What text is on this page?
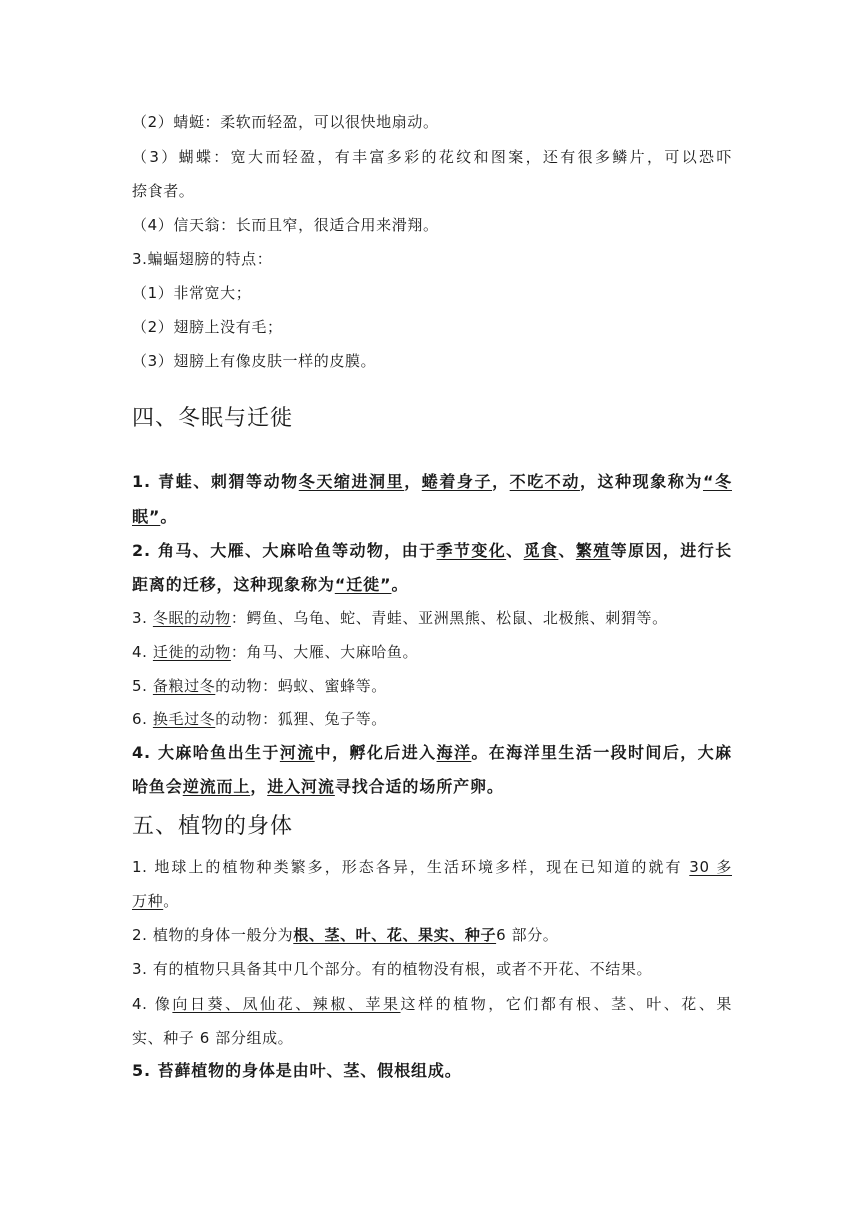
（2）蜻蜓：柔软而轻盈，可以很快地扇动。
（3）蝴蝶：宽大而轻盈，有丰富多彩的花纹和图案，还有很多鳞片，可以恐吓
捺食者。
（4）信天翁：长而且窄，很适合用来滑翔。
3.蝙蝠翅膀的特点：
（1）非常宽大；
（2）翅膀上没有毛；
（3）翅膀上有像皮肤一样的皮膜。
四、冬眠与迁徙
1. 青蛙、刺猬等动物冬天缩进洞里，蜷着身子，不吃不动，这种现象称为“冬
眠”。
2. 角马、大雁、大麻哈鱼等动物，由于季节变化、觅食、繁殖等原因，进行长
距离的迁移，这种现象称为“迁徙”。
3. 冬眠的动物：鳄鱼、乌龟、蛇、青蛙、亚洲黑熊、松鼠、北极熊、刺猬等。
4. 迁徙的动物：角马、大雁、大麻哈鱼。
5. 备粮过冬的动物：蚂蚁、蜜蜂等。
6. 换毛过冬的动物：狐狸、兔子等。
4. 大麻哈鱼出生于河流中，孵化后进入海洋。在海洋里生活一段时间后，大麻
哈鱼会逆流而上，进入河流寻找合适的场所产卵。
五、植物的身体
1. 地球上的植物种类繁多，形态各异，生活环境多样，现在已知道的就有 30 多
万种。
2. 植物的身体一般分为根、茎、叶、花、果实、种子6 部分。
3. 有的植物只具备其中几个部分。有的植物没有根，或者不开花、不结果。
4. 像向日葵、凤仙花、辣椒、苹果这样的植物，它们都有根、茎、叶、花、果
实、种子 6 部分组成。
5. 苔藓植物的身体是由叶、茎、假根组成。
